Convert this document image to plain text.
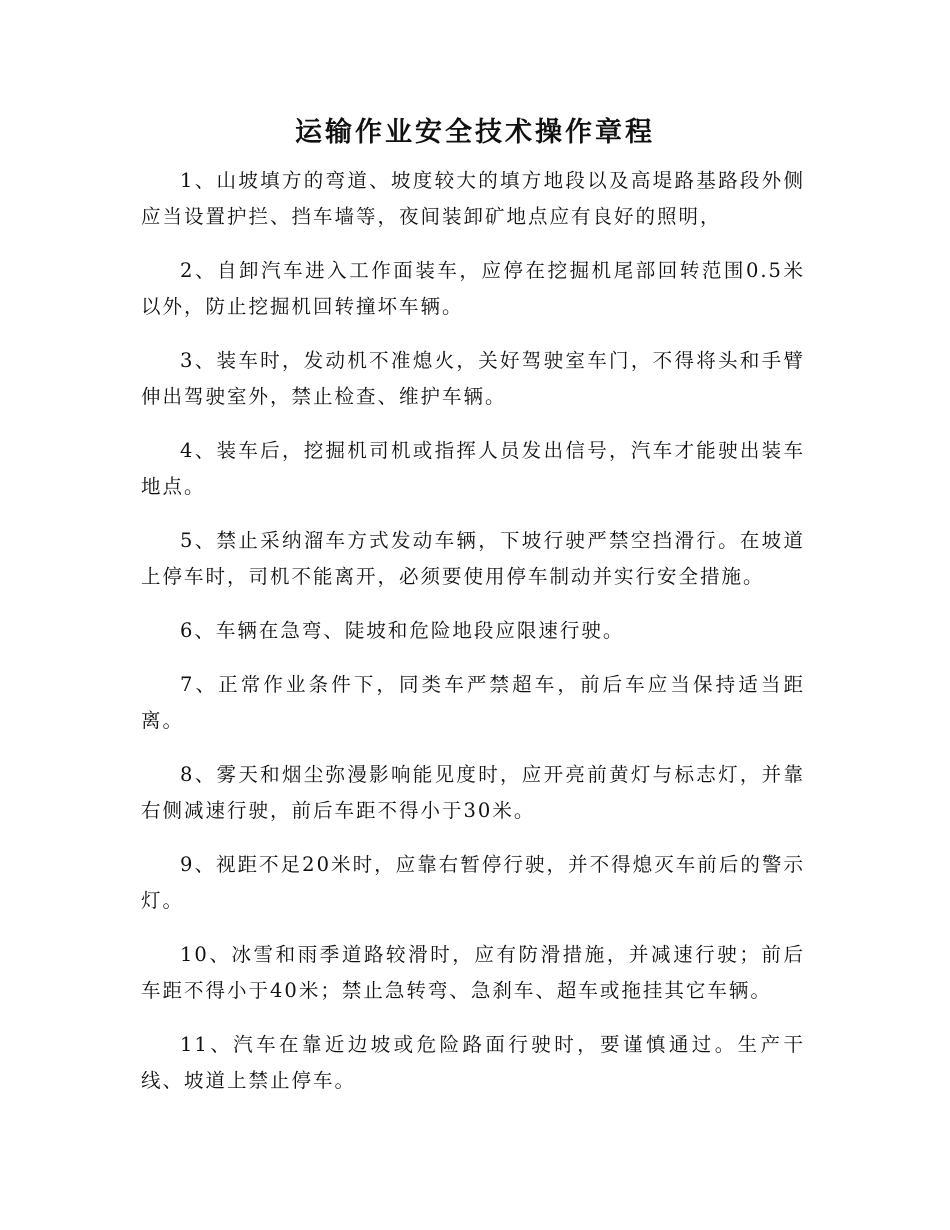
运输作业安全技术操作章程

1、山坡填方的弯道、坡度较大的填方地段以及高堤路基路段外侧应当设置护拦、挡车墙等，夜间装卸矿地点应有良好的照明，

2、自卸汽车进入工作面装车，应停在挖掘机尾部回转范围0.5米以外，防止挖掘机回转撞坏车辆。

3、装车时，发动机不准熄火，关好驾驶室车门，不得将头和手臂伸出驾驶室外，禁止检查、维护车辆。

4、装车后，挖掘机司机或指挥人员发出信号，汽车才能驶出装车地点。

5、禁止采纳溜车方式发动车辆，下坡行驶严禁空挡滑行。在坡道上停车时，司机不能离开，必须要使用停车制动并实行安全措施。

6、车辆在急弯、陡坡和危险地段应限速行驶。

7、正常作业条件下，同类车严禁超车，前后车应当保持适当距离。

8、雾天和烟尘弥漫影响能见度时，应开亮前黄灯与标志灯，并靠右侧减速行驶，前后车距不得小于30米。

9、视距不足20米时，应靠右暂停行驶，并不得熄灭车前后的警示灯。

10、冰雪和雨季道路较滑时，应有防滑措施，并减速行驶；前后车距不得小于40米；禁止急转弯、急刹车、超车或拖挂其它车辆。

11、汽车在靠近边坡或危险路面行驶时，要谨慎通过。生产干线、坡道上禁止停车。
